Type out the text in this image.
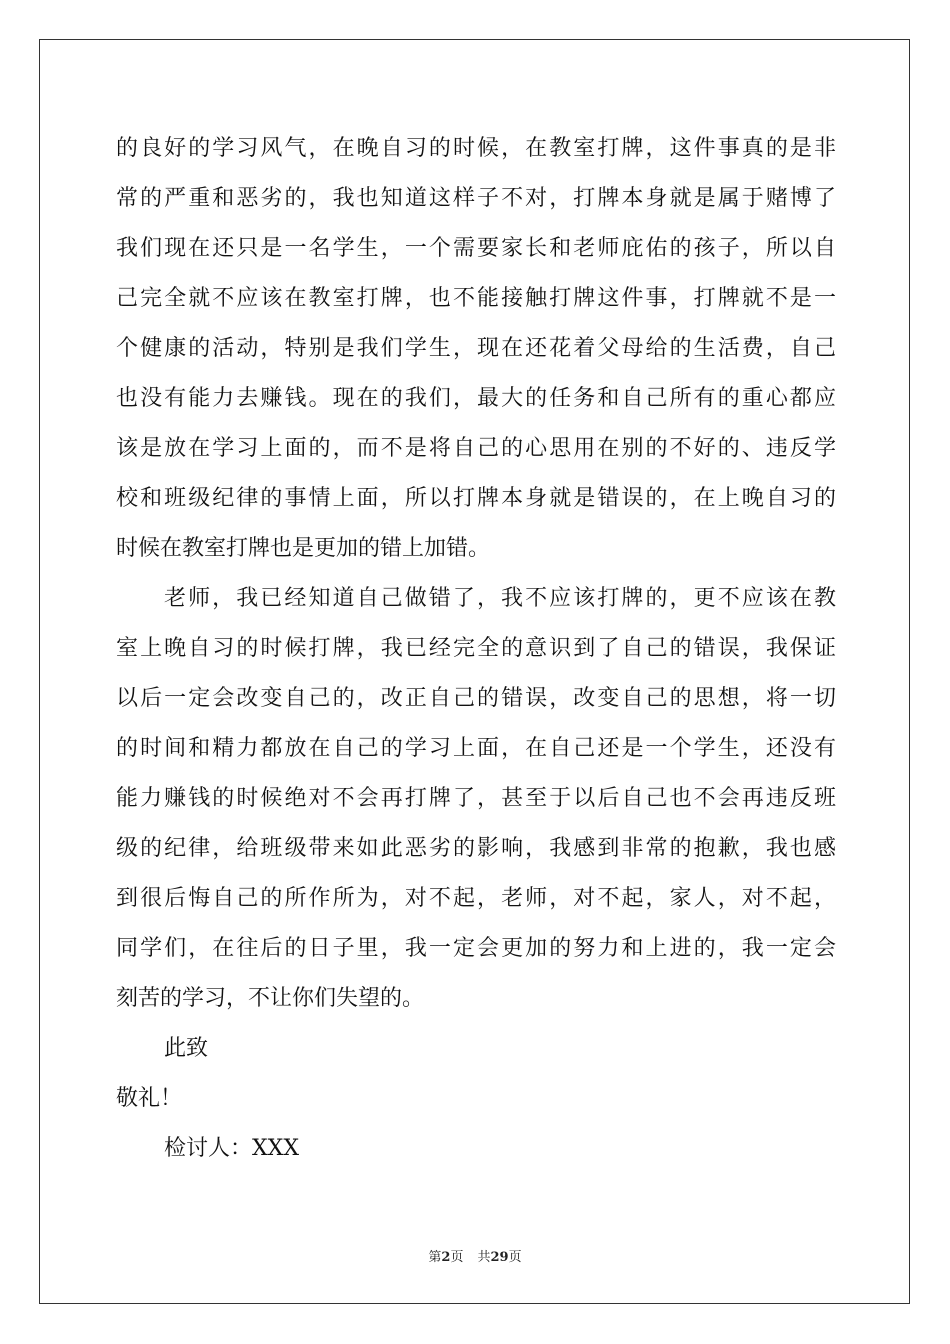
的良好的学习风气，在晚自习的时候，在教室打牌，这件事真的是非
常的严重和恶劣的，我也知道这样子不对，打牌本身就是属于赌博了
我们现在还只是一名学生，一个需要家长和老师庇佑的孩子，所以自
己完全就不应该在教室打牌，也不能接触打牌这件事，打牌就不是一
个健康的活动，特别是我们学生，现在还花着父母给的生活费，自己
也没有能力去赚钱。现在的我们，最大的任务和自己所有的重心都应
该是放在学习上面的，而不是将自己的心思用在别的不好的、违反学
校和班级纪律的事情上面，所以打牌本身就是错误的，在上晚自习的
时候在教室打牌也是更加的错上加错。
老师，我已经知道自己做错了，我不应该打牌的，更不应该在教
室上晚自习的时候打牌，我已经完全的意识到了自己的错误，我保证
以后一定会改变自己的，改正自己的错误，改变自己的思想，将一切
的时间和精力都放在自己的学习上面，在自己还是一个学生，还没有
能力赚钱的时候绝对不会再打牌了，甚至于以后自己也不会再违反班
级的纪律，给班级带来如此恶劣的影响，我感到非常的抱歉，我也感
到很后悔自己的所作所为，对不起，老师，对不起，家人，对不起，
同学们，在往后的日子里，我一定会更加的努力和上进的，我一定会
刻苦的学习，不让你们失望的。
此致
敬礼！
检讨人：XXX
第2页 共29页
